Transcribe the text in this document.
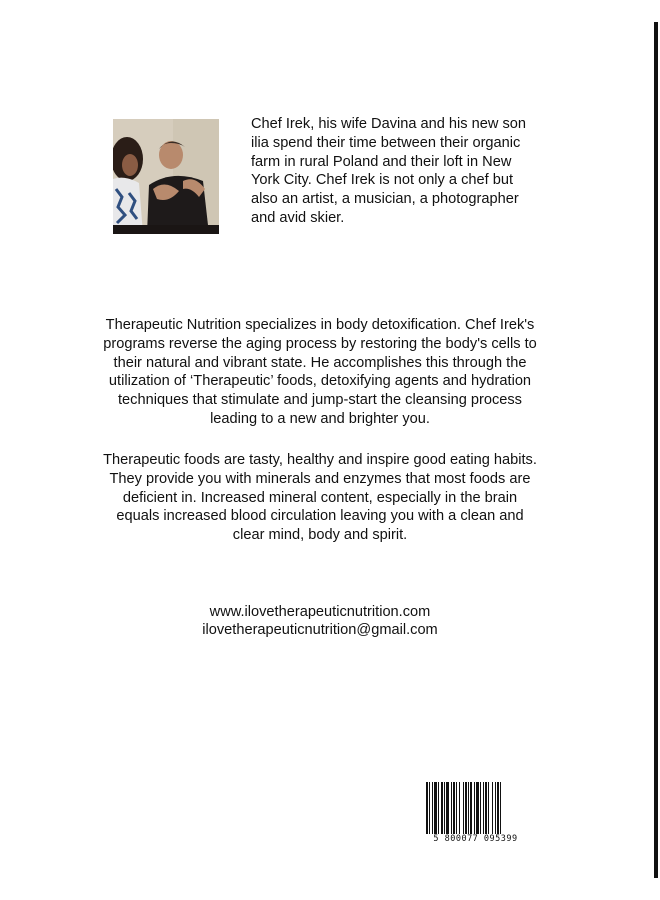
Chef Irek, his wife Davina and his new son ilia spend their time between their organic farm in rural Poland and their loft in New York City. Chef Irek is not only a chef but also an artist, a musician, a photographer and avid skier.

Therapeutic Nutrition specializes in body detoxification. Chef Irek's programs reverse the aging process by restoring the body's cells to their natural and vibrant state. He accomplishes this through the utilization of ‘Therapeutic’ foods, detoxifying agents and hydration techniques that stimulate and jump-start the cleansing process leading to a new and brighter you.

Therapeutic foods are tasty, healthy and inspire good eating habits. They provide you with minerals and enzymes that most foods are deficient in. Increased mineral content, especially in the brain equals increased blood circulation leaving you with a clean and clear mind, body and spirit.

www.ilovetherapeuticnutrition.com
ilovetherapeuticnutrition@gmail.com
5 800077 095399
